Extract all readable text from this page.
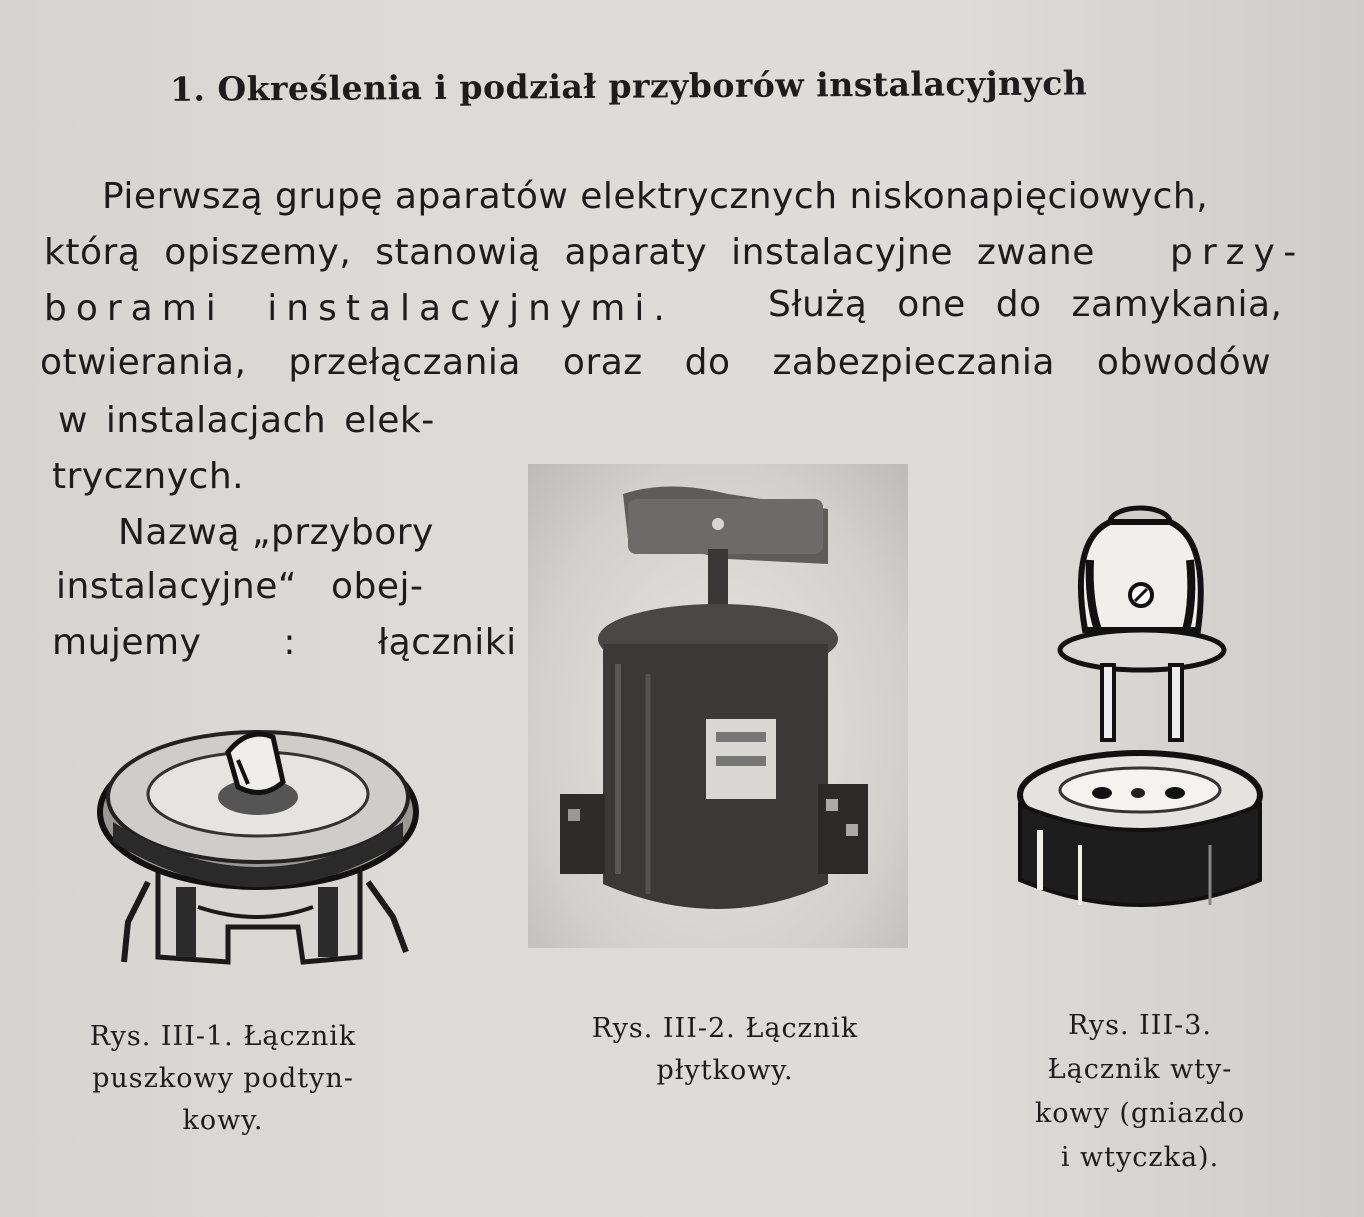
1. Określenia i podział przyborów instalacyjnych
Pierwszą grupę aparatów elektrycznych niskonapięciowych,
którą opiszemy, stanowią aparaty instalacyjne zwane przy-
borami instalacyjnymi.	Służą one do zamykania,
otwierania, przełączania oraz do zabezpieczania obwodów
w instalacjach elek-
trycznych.
Nazwą „przybory
instalacyjne“ obej-
mujemy : łączniki
Rys. III-1. Łącznik
puszkowy podtyn-
kowy.
Rys. III-2. Łącznik
płytkowy.
Rys. III-3.
Łącznik wty-
kowy (gniazdo
i wtyczka).
